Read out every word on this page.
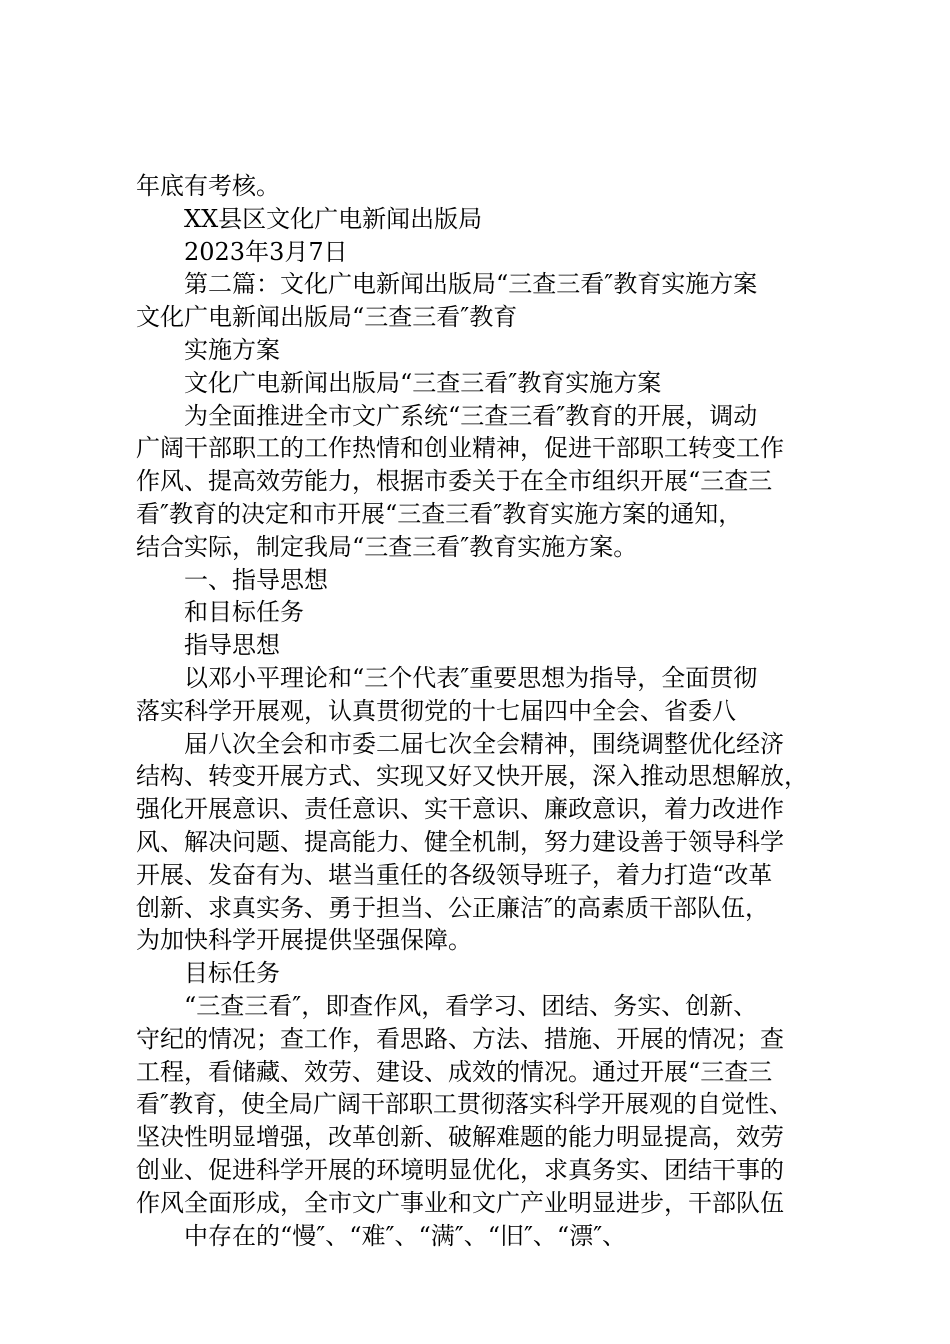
年底有考核。
XX县区文化广电新闻出版局
2023年3月7日
第二篇：文化广电新闻出版局“三查三看″教育实施方案
文化广电新闻出版局“三查三看″教育
实施方案
文化广电新闻出版局“三查三看″教育实施方案
为全面推进全市文广系统“三查三看″教育的开展，调动
广阔干部职工的工作热情和创业精神，促进干部职工转变工作
作风、提高效劳能力，根据市委关于在全市组织开展“三查三
看″教育的决定和市开展“三查三看″教育实施方案的通知，
结合实际，制定我局“三查三看″教育实施方案。
一、指导思想
和目标任务
指导思想
以邓小平理论和“三个代表″重要思想为指导，全面贯彻
落实科学开展观，认真贯彻党的十七届四中全会、省委八
届八次全会和市委二届七次全会精神，围绕调整优化经济
结构、转变开展方式、实现又好又快开展，深入推动思想解放，
强化开展意识、责任意识、实干意识、廉政意识，着力改进作
风、解决问题、提高能力、健全机制，努力建设善于领导科学
开展、发奋有为、堪当重任的各级领导班子，着力打造“改革
创新、求真实务、勇于担当、公正廉洁″的高素质干部队伍，
为加快科学开展提供坚强保障。
目标任务
“三查三看″，即查作风，看学习、团结、务实、创新、
守纪的情况；查工作，看思路、方法、措施、开展的情况；查
工程，看储藏、效劳、建设、成效的情况。通过开展“三查三
看″教育，使全局广阔干部职工贯彻落实科学开展观的自觉性、
坚决性明显增强，改革创新、破解难题的能力明显提高，效劳
创业、促进科学开展的环境明显优化，求真务实、团结干事的
作风全面形成，全市文广事业和文广产业明显进步，干部队伍
中存在的“慢″、“难″、“满″、“旧″、“漂″、
